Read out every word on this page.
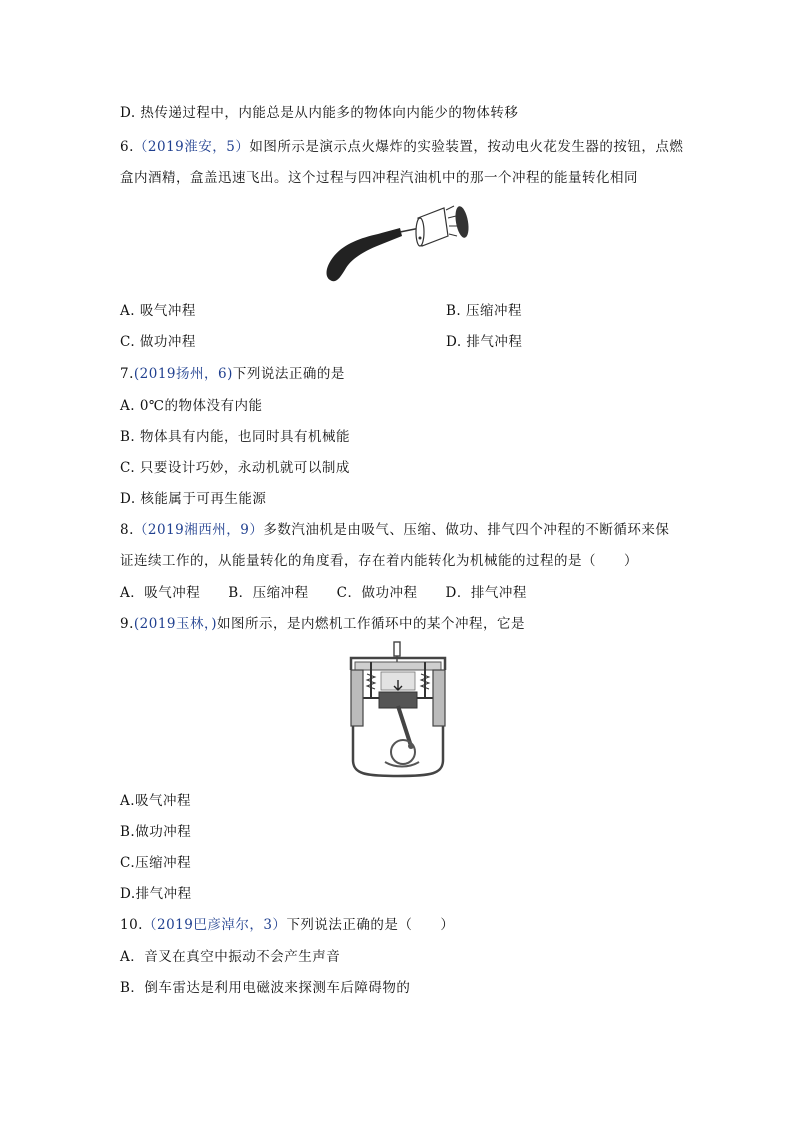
D. 热传递过程中，内能总是从内能多的物体向内能少的物体转移
6.（2019淮安，5）如图所示是演示点火爆炸的实验装置，按动电火花发生器的按钮，点燃
盒内酒精，盒盖迅速飞出。这个过程与四冲程汽油机中的那一个冲程的能量转化相同
A. 吸气冲程	B. 压缩冲程
C. 做功冲程	D. 排气冲程
7.(2019扬州，6)下列说法正确的是
A. 0℃的物体没有内能
B. 物体具有内能，也同时具有机械能
C. 只要设计巧妙，永动机就可以制成
D. 核能属于可再生能源
8.（2019湘西州，9）多数汽油机是由吸气、压缩、做功、排气四个冲程的不断循环来保
证连续工作的，从能量转化的角度看，存在着内能转化为机械能的过程的是（　　）
A．吸气冲程　　B．压缩冲程　　C．做功冲程　　D．排气冲程
9.(2019玉林，)如图所示，是内燃机工作循环中的某个冲程，它是
A.吸气冲程
B.做功冲程
C.压缩冲程
D.排气冲程
10.（2019巴彦淖尔，3）下列说法正确的是（　　）
A．音叉在真空中振动不会产生声音
B．倒车雷达是利用电磁波来探测车后障碍物的
